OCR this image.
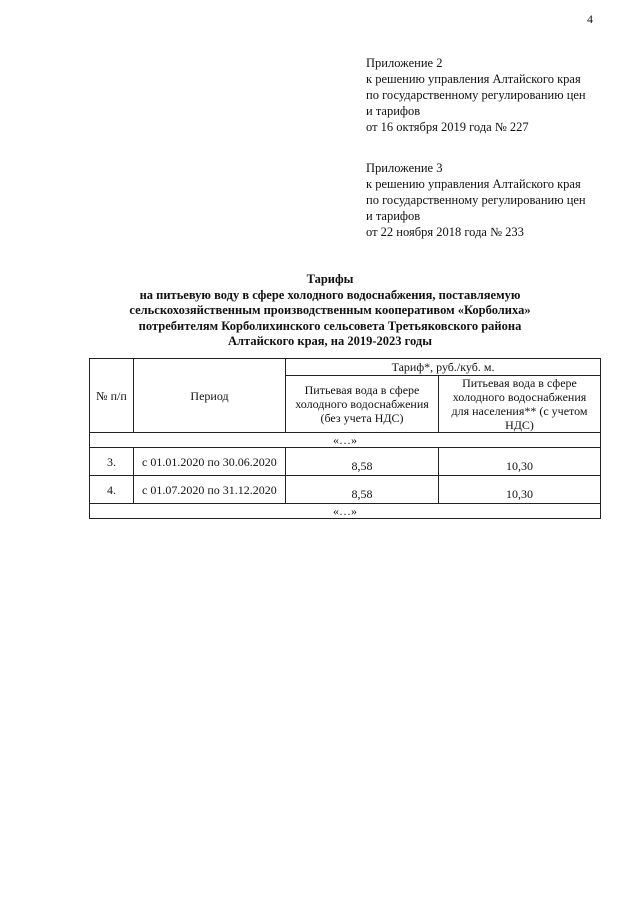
4
Приложение 2
к решению управления Алтайского края
по государственному регулированию цен
и тарифов
от 16 октября 2019 года № 227
Приложение 3
к решению управления Алтайского края
по государственному регулированию цен
и тарифов
от 22 ноября 2018 года № 233
Тарифы
на питьевую воду в сфере холодного водоснабжения, поставляемую
сельскохозяйственным производственным кооперативом «Корболиха»
потребителям Корболихинского сельсовета Третьяковского района
Алтайского края, на 2019-2023 годы
№ п/п	Период	Тариф*, руб./куб. м.	
		Питьевая вода в сфере холодного водоснабжения (без учета НДС)	Питьевая вода в сфере холодного водоснабжения для населения** (с учетом НДС)
«…»			
3.	с 01.01.2020 по 30.06.2020	8,58	10,30
4.	с 01.07.2020 по 31.12.2020	8,58	10,30
«…»			
